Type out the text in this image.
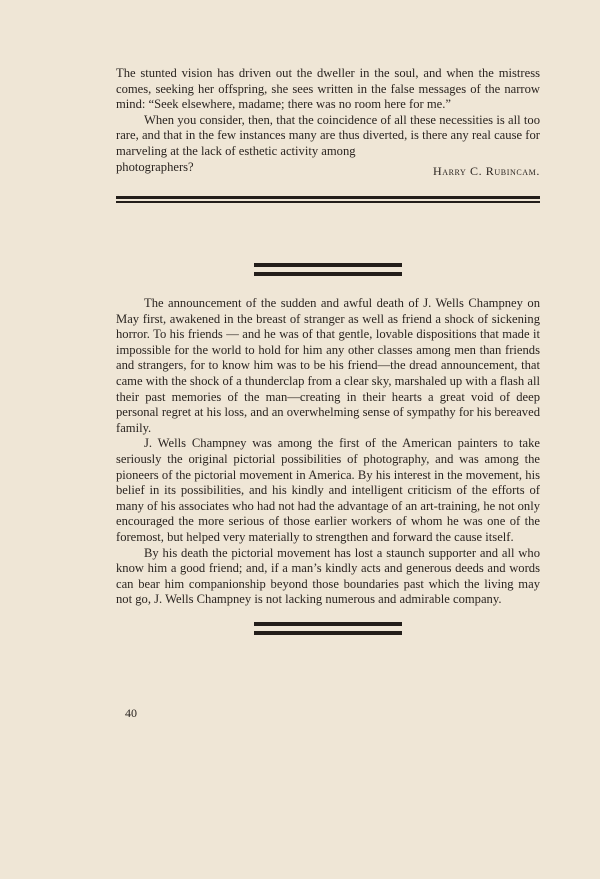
The stunted vision has driven out the dweller in the soul, and when the mistress comes, seeking her offspring, she sees written in the false messages of the narrow mind: “Seek elsewhere, madame; there was no room here for me.”

When you consider, then, that the coincidence of all these necessities is all too rare, and that in the few instances many are thus diverted, is there any real cause for marveling at the lack of esthetic activity among

photographers?	Harry C. Rubincam.

The announcement of the sudden and awful death of J. Wells Champney on May first, awakened in the breast of stranger as well as friend a shock of sickening horror. To his friends — and he was of that gentle, lovable dispositions that made it impossible for the world to hold for him any other classes among men than friends and strangers, for to know him was to be his friend—the dread announcement, that came with the shock of a thunderclap from a clear sky, marshaled up with a flash all their past memories of the man—creating in their hearts a great void of deep personal regret at his loss, and an overwhelming sense of sympathy for his bereaved family.

J. Wells Champney was among the first of the American painters to take seriously the original pictorial possibilities of photography, and was among the pioneers of the pictorial movement in America. By his interest in the movement, his belief in its possibilities, and his kindly and intelligent criticism of the efforts of many of his associates who had not had the advantage of an art-training, he not only encouraged the more serious of those earlier workers of whom he was one of the foremost, but helped very materially to strengthen and forward the cause itself.

By his death the pictorial movement has lost a staunch supporter and all who know him a good friend; and, if a man’s kindly acts and generous deeds and words can bear him companionship beyond those boundaries past which the living may not go, J. Wells Champney is not lacking numerous and admirable company.

40
